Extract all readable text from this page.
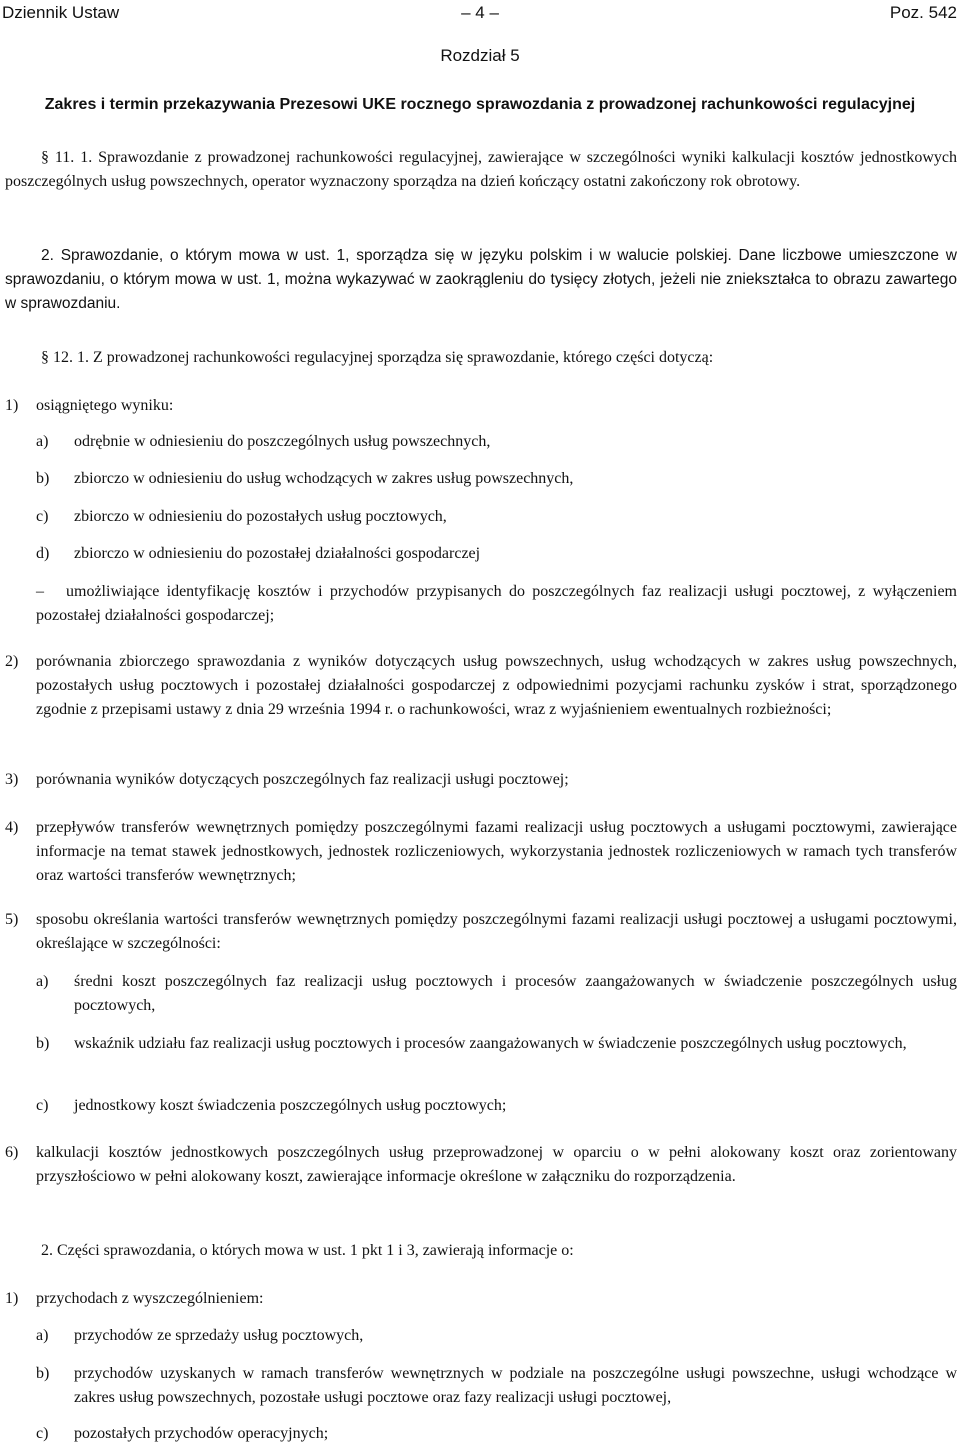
Dziennik Ustaw	– 4 –	Poz. 542
Rozdział 5
Zakres i termin przekazywania Prezesowi UKE rocznego sprawozdania z prowadzonej rachunkowości regulacyjnej
§ 11. 1. Sprawozdanie z prowadzonej rachunkowości regulacyjnej, zawierające w szczególności wyniki kalkulacji kosztów jednostkowych poszczególnych usług powszechnych, operator wyznaczony sporządza na dzień kończący ostatni zakończony rok obrotowy.
2. Sprawozdanie, o którym mowa w ust. 1, sporządza się w języku polskim i w walucie polskiej. Dane liczbowe umieszczone w sprawozdaniu, o którym mowa w ust. 1, można wykazywać w zaokrągleniu do tysięcy złotych, jeżeli nie zniekształca to obrazu zawartego w sprawozdaniu.
§ 12. 1. Z prowadzonej rachunkowości regulacyjnej sporządza się sprawozdanie, którego części dotyczą:
1) osiągniętego wyniku:
a) odrębnie w odniesieniu do poszczególnych usług powszechnych,
b) zbiorczo w odniesieniu do usług wchodzących w zakres usług powszechnych,
c) zbiorczo w odniesieniu do pozostałych usług pocztowych,
d) zbiorczo w odniesieniu do pozostałej działalności gospodarczej
–	umożliwiające identyfikację kosztów i przychodów przypisanych do poszczególnych faz realizacji usługi pocztowej, z wyłączeniem pozostałej działalności gospodarczej;
2) porównania zbiorczego sprawozdania z wyników dotyczących usług powszechnych, usług wchodzących w zakres usług powszechnych, pozostałych usług pocztowych i pozostałej działalności gospodarczej z odpowiednimi pozycjami rachunku zysków i strat, sporządzonego zgodnie z przepisami ustawy z dnia 29 września 1994 r. o rachunkowości, wraz z wyjaśnieniem ewentualnych rozbieżności;
3) porównania wyników dotyczących poszczególnych faz realizacji usługi pocztowej;
4) przepływów transferów wewnętrznych pomiędzy poszczególnymi fazami realizacji usług pocztowych a usługami pocztowymi, zawierające informacje na temat stawek jednostkowych, jednostek rozliczeniowych, wykorzystania jednostek rozliczeniowych w ramach tych transferów oraz wartości transferów wewnętrznych;
5) sposobu określania wartości transferów wewnętrznych pomiędzy poszczególnymi fazami realizacji usługi pocztowej a usługami pocztowymi, określające w szczególności:
a) średni koszt poszczególnych faz realizacji usług pocztowych i procesów zaangażowanych w świadczenie poszczególnych usług pocztowych,
b) wskaźnik udziału faz realizacji usług pocztowych i procesów zaangażowanych w świadczenie poszczególnych usług pocztowych,
c) jednostkowy koszt świadczenia poszczególnych usług pocztowych;
6) kalkulacji kosztów jednostkowych poszczególnych usług przeprowadzonej w oparciu o w pełni alokowany koszt oraz zorientowany przyszłościowo w pełni alokowany koszt, zawierające informacje określone w załączniku do rozporządzenia.
2. Części sprawozdania, o których mowa w ust. 1 pkt 1 i 3, zawierają informacje o:
1) przychodach z wyszczególnieniem:
a) przychodów ze sprzedaży usług pocztowych,
b) przychodów uzyskanych w ramach transferów wewnętrznych w podziale na poszczególne usługi powszechne, usługi wchodzące w zakres usług powszechnych, pozostałe usługi pocztowe oraz fazy realizacji usługi pocztowej,
c) pozostałych przychodów operacyjnych;
